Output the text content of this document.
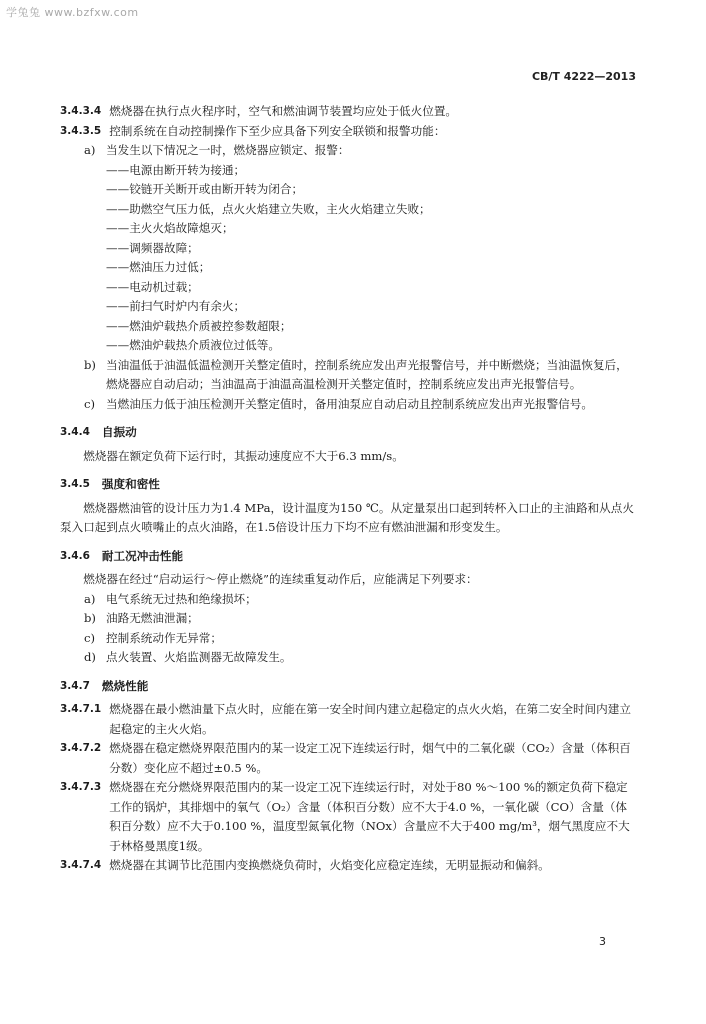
学兔兔 www.bzfxw.com
CB/T 4222—2013
3.4.3.4 燃烧器在执行点火程序时，空气和燃油调节装置均应处于低火位置。
3.4.3.5 控制系统在自动控制操作下至少应具备下列安全联锁和报警功能：
a) 当发生以下情况之一时，燃烧器应锁定、报警：
——电源由断开转为接通；
——铰链开关断开或由断开转为闭合；
——助燃空气压力低，点火火焰建立失败，主火火焰建立失败；
——主火火焰故障熄灭；
——调频器故障；
——燃油压力过低；
——电动机过载；
——前扫气时炉内有余火；
——燃油炉载热介质被控参数超限；
——燃油炉载热介质液位过低等。
b) 当油温低于油温低温检测开关整定值时，控制系统应发出声光报警信号，并中断燃烧；当油温恢复后，燃烧器应自动启动；当油温高于油温高温检测开关整定值时，控制系统应发出声光报警信号。
c) 当燃油压力低于油压检测开关整定值时，备用油泵应自动启动且控制系统应发出声光报警信号。
3.4.4 自振动
燃烧器在额定负荷下运行时，其振动速度应不大于6.3 mm/s。
3.4.5 强度和密性
燃烧器燃油管的设计压力为1.4 MPa，设计温度为150 ℃。从定量泵出口起到转杯入口止的主油路和从点火泵入口起到点火喷嘴止的点火油路，在1.5倍设计压力下均不应有燃油泄漏和形变发生。
3.4.6 耐工况冲击性能
燃烧器在经过“启动运行～停止燃烧”的连续重复动作后，应能满足下列要求：
a) 电气系统无过热和绝缘损坏；
b) 油路无燃油泄漏；
c) 控制系统动作无异常；
d) 点火装置、火焰监测器无故障发生。
3.4.7 燃烧性能
3.4.7.1 燃烧器在最小燃油量下点火时，应能在第一安全时间内建立起稳定的点火火焰，在第二安全时间内建立起稳定的主火火焰。
3.4.7.2 燃烧器在稳定燃烧界限范围内的某一设定工况下连续运行时，烟气中的二氧化碳（CO₂）含量（体积百分数）变化应不超过±0.5 %。
3.4.7.3 燃烧器在充分燃烧界限范围内的某一设定工况下连续运行时，对处于80 %～100 %的额定负荷下稳定工作的锅炉，其排烟中的氧气（O₂）含量（体积百分数）应不大于4.0 %，一氧化碳（CO）含量（体积百分数）应不大于0.100 %，温度型氮氧化物（NOx）含量应不大于400 mg/m³，烟气黑度应不大于林格曼黑度1级。
3.4.7.4 燃烧器在其调节比范围内变换燃烧负荷时，火焰变化应稳定连续，无明显振动和偏斜。
3
